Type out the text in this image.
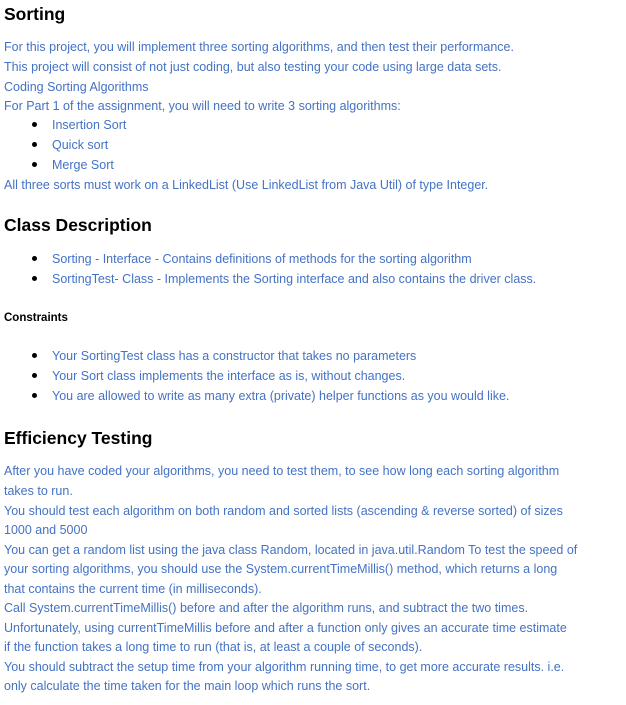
Sorting

For this project, you will implement three sorting algorithms, and then test their performance.

This project will consist of not just coding, but also testing your code using large data sets.

Coding Sorting Algorithms

For Part 1 of the assignment, you will need to write 3 sorting algorithms:

Insertion Sort
Quick sort
Merge Sort

All three sorts must work on a LinkedList (Use LinkedList from Java Util) of type Integer.

Class Description
Sorting - Interface - Contains definitions of methods for the sorting algorithm
SortingTest- Class - Implements the Sorting interface and also contains the driver class.
Constraints
Your SortingTest class has a constructor that takes no parameters
Your Sort class implements the interface as is, without changes.
You are allowed to write as many extra (private) helper functions as you would like.
Efficiency Testing

After you have coded your algorithms, you need to test them, to see how long each sorting algorithm

takes to run.

You should test each algorithm on both random and sorted lists (ascending & reverse sorted) of sizes

1000 and 5000

You can get a random list using the java class Random, located in java.util.Random To test the speed of

your sorting algorithms, you should use the System.currentTimeMillis() method, which returns a long

that contains the current time (in milliseconds).

Call System.currentTimeMillis() before and after the algorithm runs, and subtract the two times.

Unfortunately, using currentTimeMillis before and after a function only gives an accurate time estimate

if the function takes a long time to run (that is, at least a couple of seconds).

You should subtract the setup time from your algorithm running time, to get more accurate results. i.e.

only calculate the time taken for the main loop which runs the sort.
